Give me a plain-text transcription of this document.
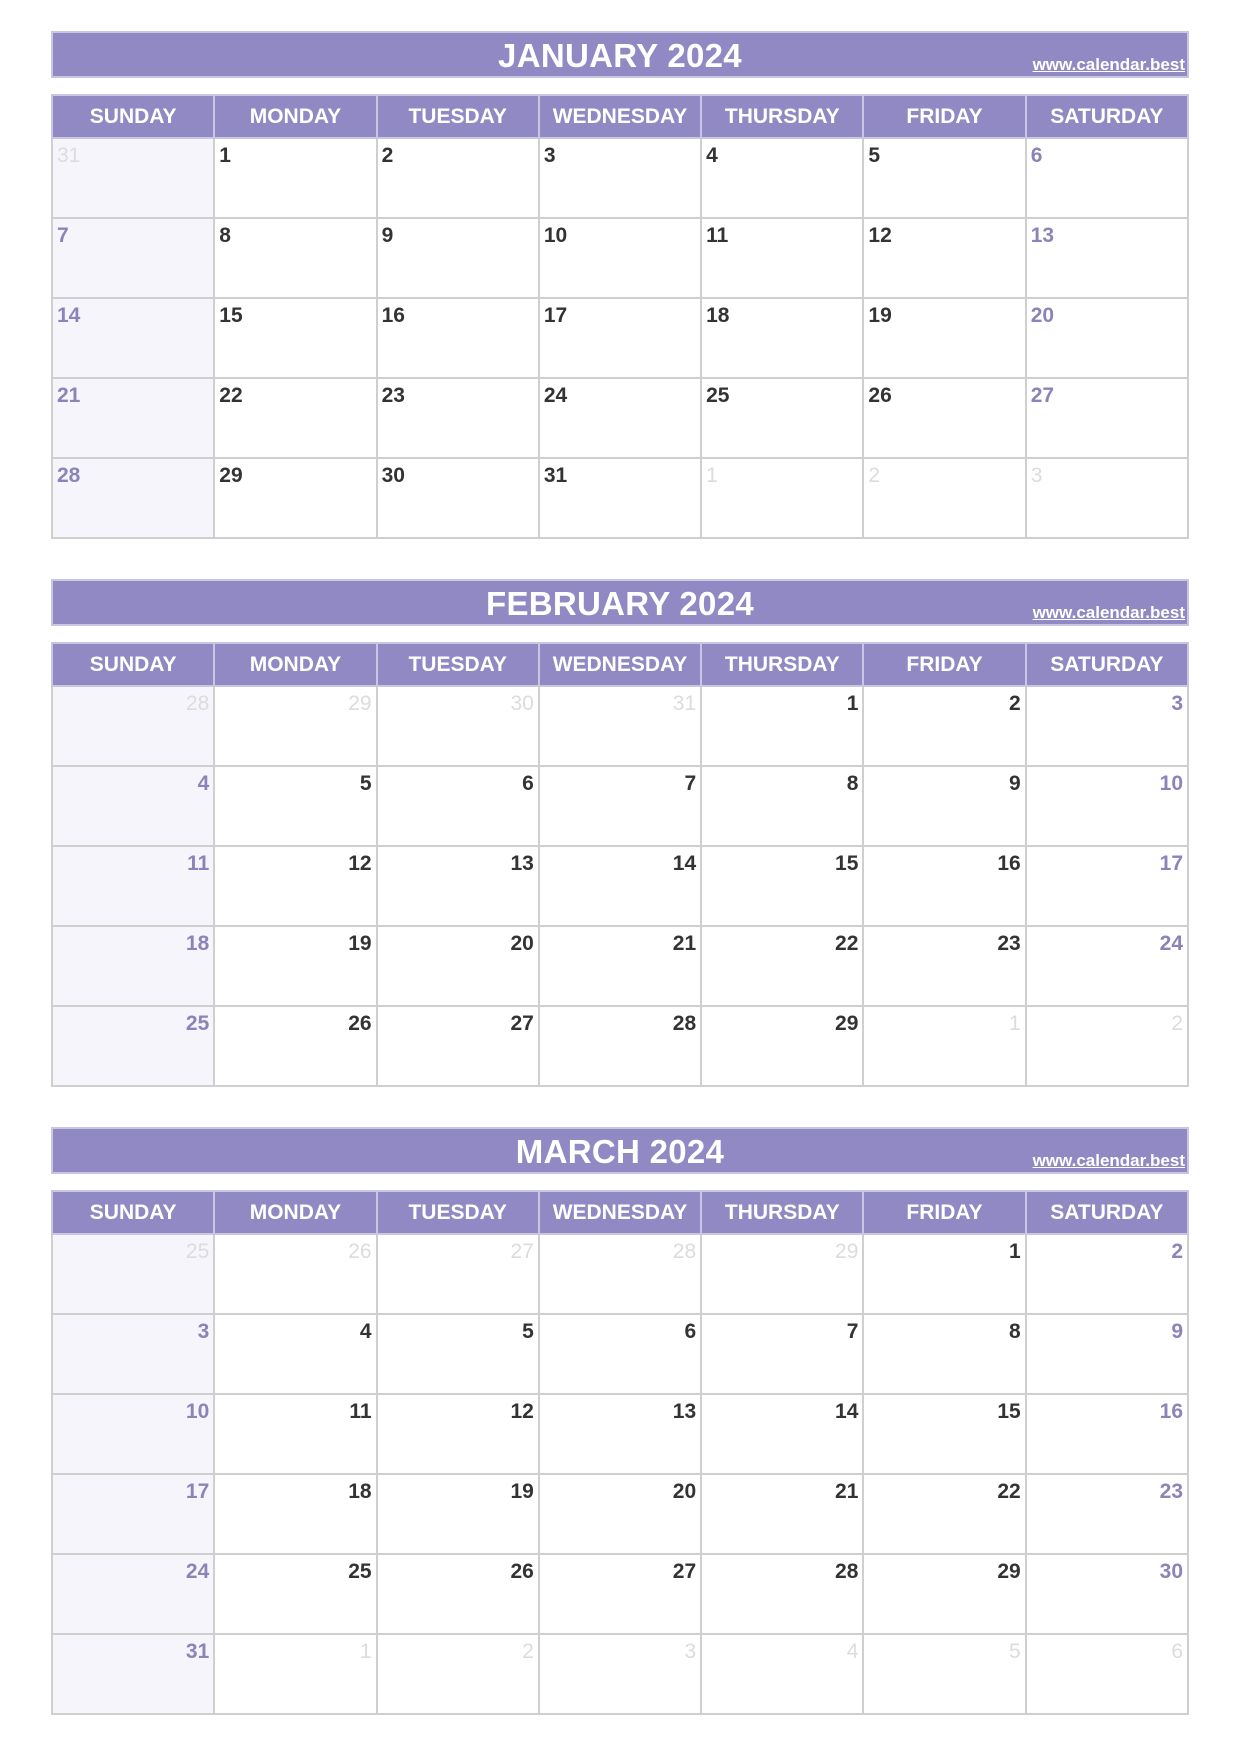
JANUARY 2024	www.calendar.best
SUNDAY	MONDAY	TUESDAY	WEDNESDAY	THURSDAY	FRIDAY	SATURDAY

31	1	2	3	4	5	6

7	8	9	10	11	12	13

14	15	16	17	18	19	20

21	22	23	24	25	26	27

28	29	30	31	1	2	3
FEBRUARY 2024	www.calendar.best
SUNDAY	MONDAY	TUESDAY	WEDNESDAY	THURSDAY	FRIDAY	SATURDAY

28	29	30	31	1	2	3

4	5	6	7	8	9	10

11	12	13	14	15	16	17

18	19	20	21	22	23	24

25	26	27	28	29	1	2
MARCH 2024	www.calendar.best
SUNDAY	MONDAY	TUESDAY	WEDNESDAY	THURSDAY	FRIDAY	SATURDAY

25	26	27	28	29	1	2

3	4	5	6	7	8	9

10	11	12	13	14	15	16

17	18	19	20	21	22	23

24	25	26	27	28	29	30

31	1	2	3	4	5	6
